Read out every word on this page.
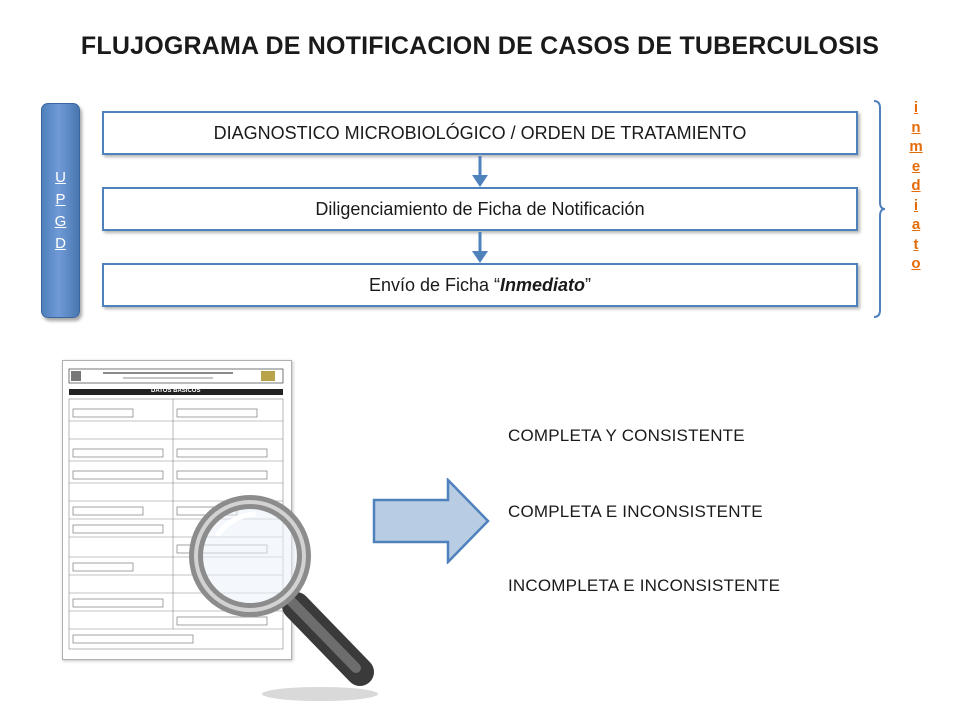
FLUJOGRAMA DE NOTIFICACION DE CASOS DE TUBERCULOSIS
U
P
G
D
DIAGNOSTICO MICROBIOLÓGICO / ORDEN DE TRATAMIENTO
Diligenciamiento de Ficha de Notificación
Envío de Ficha “Inmediato”
i
n
m
e
d
i
a
t
o
DATOS BÁSICOS
COMPLETA Y CONSISTENTE
COMPLETA E INCONSISTENTE
INCOMPLETA E INCONSISTENTE
